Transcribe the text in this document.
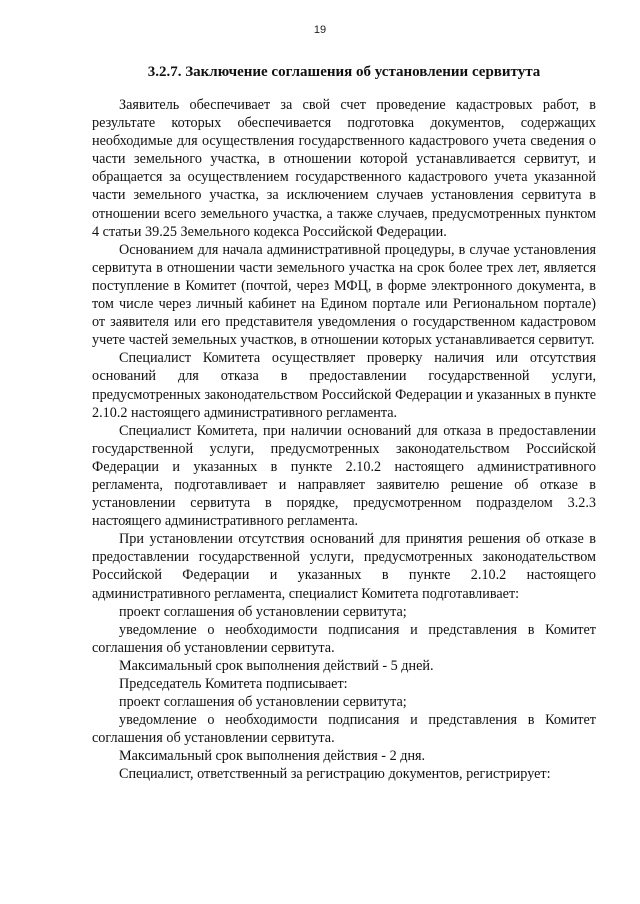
19
3.2.7. Заключение соглашения об установлении сервитута

Заявитель обеспечивает за свой счет проведение кадастровых работ, в результате которых обеспечивается подготовка документов, содержащих необходимые для осуществления государственного кадастрового учета сведения о части земельного участка, в отношении которой устанавливается сервитут, и обращается за осуществлением государственного кадастрового учета указанной части земельного участка, за исключением случаев установления сервитута в отношении всего земельного участка, а также случаев, предусмотренных пунктом 4 статьи 39.25 Земельного кодекса Российской Федерации.

Основанием для начала административной процедуры, в случае установления сервитута в отношении части земельного участка на срок более трех лет, является поступление в Комитет (почтой, через МФЦ, в форме электронного документа, в том числе через личный кабинет на Едином портале или Региональном портале) от заявителя или его представителя уведомления о государственном кадастровом учете частей земельных участков, в отношении которых устанавливается сервитут.

Специалист Комитета осуществляет проверку наличия или отсутствия оснований для отказа в предоставлении государственной услуги, предусмотренных законодательством Российской Федерации и указанных в пункте 2.10.2 настоящего административного регламента.

Специалист Комитета, при наличии оснований для отказа в предоставлении государственной услуги, предусмотренных законодательством Российской Федерации и указанных в пункте 2.10.2 настоящего административного регламента, подготавливает и направляет заявителю решение об отказе в установлении сервитута в порядке, предусмотренном подразделом 3.2.3 настоящего административного регламента.

При установлении отсутствия оснований для принятия решения об отказе в предоставлении государственной услуги, предусмотренных законодательством Российской Федерации и указанных в пункте 2.10.2 настоящего административного регламента, специалист Комитета подготавливает:

проект соглашения об установлении сервитута;

уведомление о необходимости подписания и представления в Комитет соглашения об установлении сервитута.

Максимальный срок выполнения действий - 5 дней.

Председатель Комитета подписывает:

проект соглашения об установлении сервитута;

уведомление о необходимости подписания и представления в Комитет соглашения об установлении сервитута.

Максимальный срок выполнения действия - 2 дня.

Специалист, ответственный за регистрацию документов, регистрирует:
